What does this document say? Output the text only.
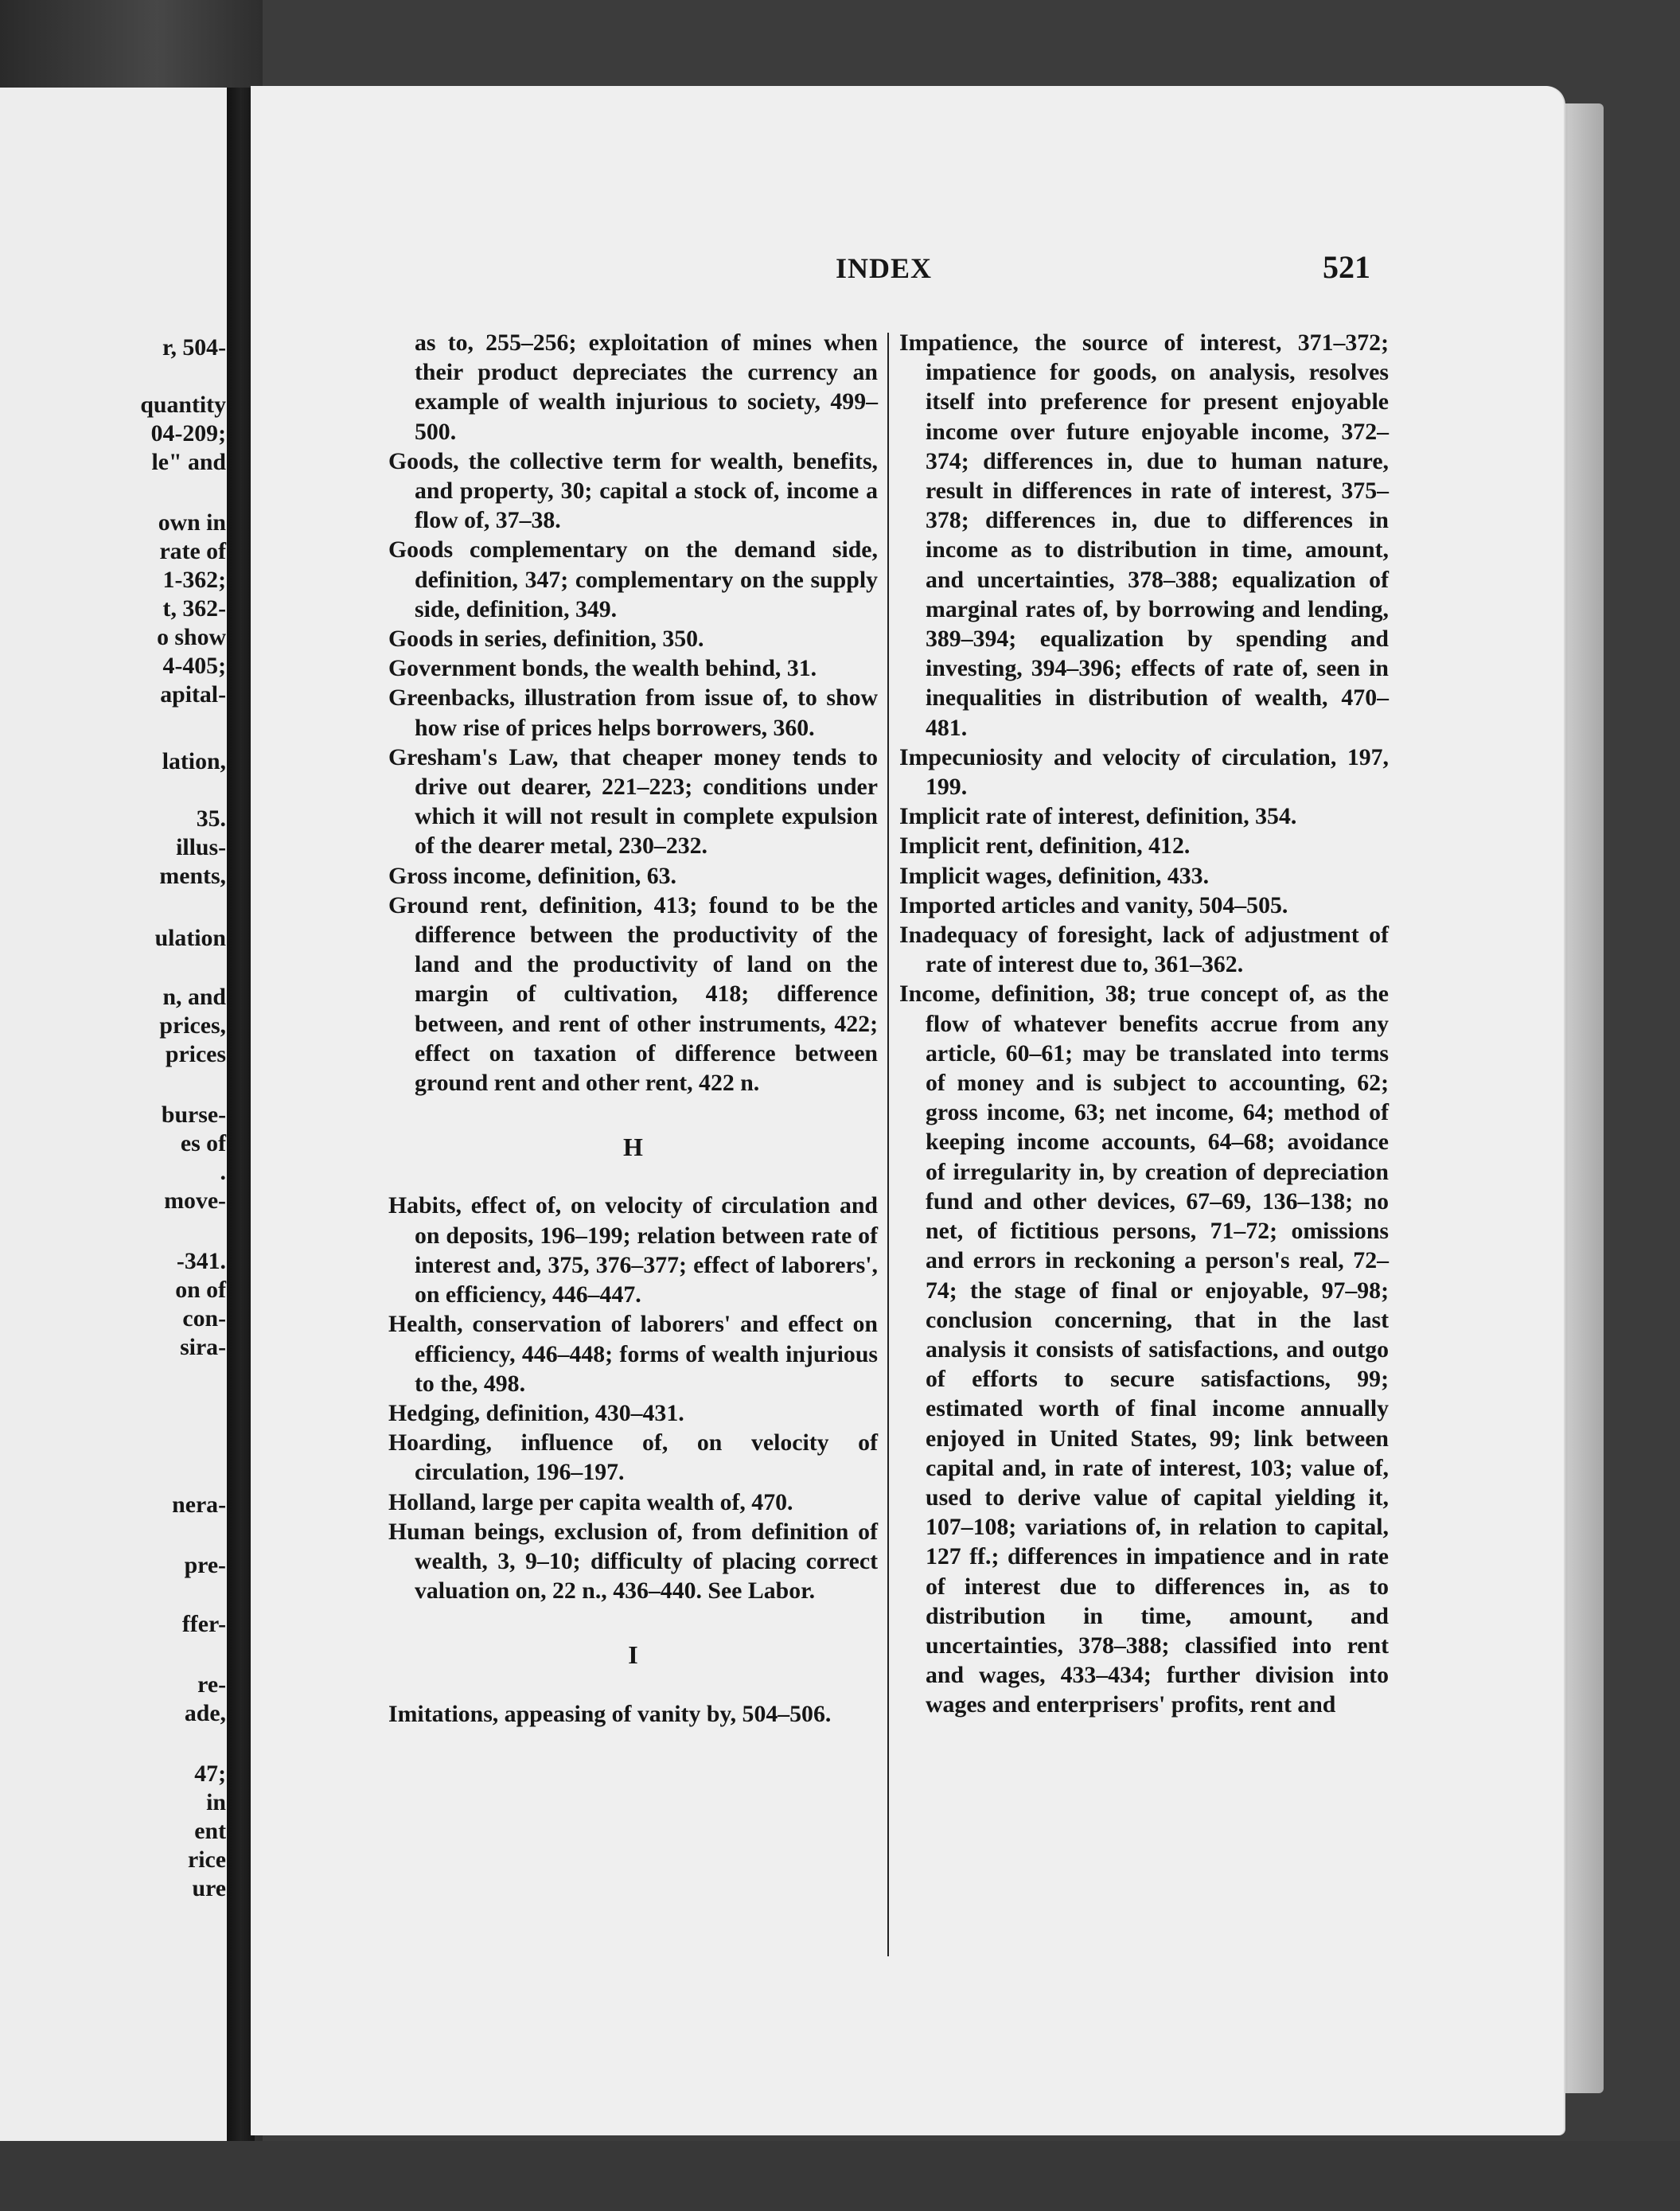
r, 504-
quantity
04-209;
le" and
own in
rate of
1-362;
t, 362-
o show
4-405;
apital-
lation,
35.
illus-
ments,
ulation
n, and
prices,
prices
burse-
es of
.
move-
-341.
on of
con-
sira-
nera-
pre-
ffer-
re-
ade,
47;
in
ent
rice
ure
INDEX	521
as to, 255–256; exploitation of mines when their product depreciates the currency an example of wealth injurious to society, 499–500.
Goods, the collective term for wealth, benefits, and property, 30; capital a stock of, income a flow of, 37–38.
Goods complementary on the demand side, definition, 347; complementary on the supply side, definition, 349.
Goods in series, definition, 350.
Government bonds, the wealth behind, 31.
Greenbacks, illustration from issue of, to show how rise of prices helps borrowers, 360.
Gresham's Law, that cheaper money tends to drive out dearer, 221–223; conditions under which it will not result in complete expulsion of the dearer metal, 230–232.
Gross income, definition, 63.
Ground rent, definition, 413; found to be the difference between the productivity of the land and the productivity of land on the margin of cultivation, 418; difference between, and rent of other instruments, 422; effect on taxation of difference between ground rent and other rent, 422 n.
H
Habits, effect of, on velocity of circulation and on deposits, 196–199; relation between rate of interest and, 375, 376–377; effect of laborers', on efficiency, 446–447.
Health, conservation of laborers' and effect on efficiency, 446–448; forms of wealth injurious to the, 498.
Hedging, definition, 430–431.
Hoarding, influence of, on velocity of circulation, 196–197.
Holland, large per capita wealth of, 470.
Human beings, exclusion of, from definition of wealth, 3, 9–10; difficulty of placing correct valuation on, 22 n., 436–440. See Labor.
I
Imitations, appeasing of vanity by, 504–506.
Impatience, the source of interest, 371–372; impatience for goods, on analysis, resolves itself into preference for present enjoyable income over future enjoyable income, 372–374; differences in, due to human nature, result in differences in rate of interest, 375–378; differences in, due to differences in income as to distribution in time, amount, and uncertainties, 378–388; equalization of marginal rates of, by borrowing and lending, 389–394; equalization by spending and investing, 394–396; effects of rate of, seen in inequalities in distribution of wealth, 470–481.
Impecuniosity and velocity of circulation, 197, 199.
Implicit rate of interest, definition, 354.
Implicit rent, definition, 412.
Implicit wages, definition, 433.
Imported articles and vanity, 504–505.
Inadequacy of foresight, lack of adjustment of rate of interest due to, 361–362.
Income, definition, 38; true concept of, as the flow of whatever benefits accrue from any article, 60–61; may be translated into terms of money and is subject to accounting, 62; gross income, 63; net income, 64; method of keeping income accounts, 64–68; avoidance of irregularity in, by creation of depreciation fund and other devices, 67–69, 136–138; no net, of fictitious persons, 71–72; omissions and errors in reckoning a person's real, 72–74; the stage of final or enjoyable, 97–98; conclusion concerning, that in the last analysis it consists of satisfactions, and outgo of efforts to secure satisfactions, 99; estimated worth of final income annually enjoyed in United States, 99; link between capital and, in rate of interest, 103; value of, used to derive value of capital yielding it, 107–108; variations of, in relation to capital, 127 ff.; differences in impatience and in rate of interest due to differences in, as to distribution in time, amount, and uncertainties, 378–388; classified into rent and wages, 433–434; further division into wages and enterprisers' profits, rent and
